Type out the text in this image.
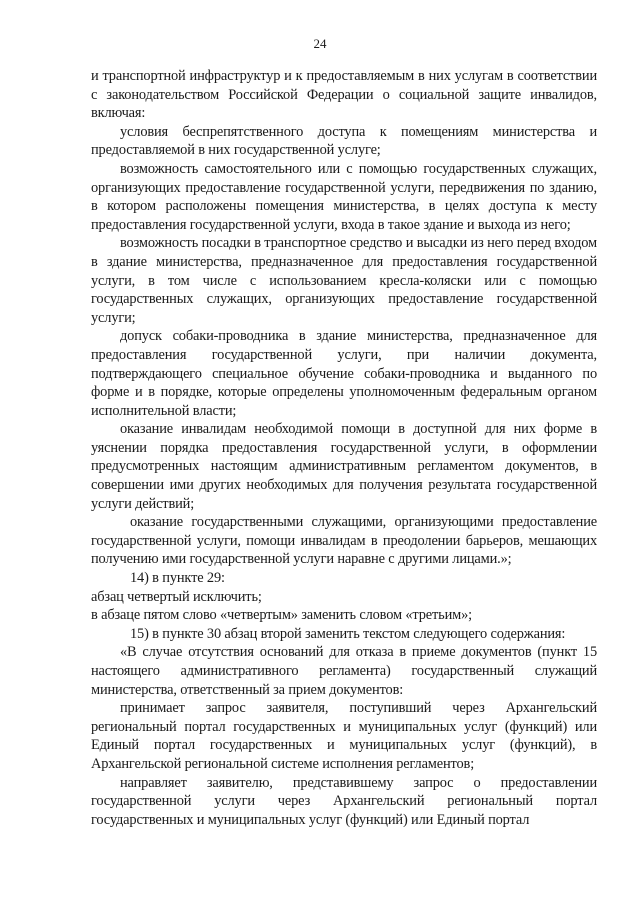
24

и транспортной инфраструктур и к предоставляемым в них услугам в соответствии с законодательством Российской Федерации о социальной защите инвалидов, включая:

условия беспрепятственного доступа к помещениям министерства и предоставляемой в них государственной услуге;

возможность самостоятельного или с помощью государственных служащих, организующих предоставление государственной услуги, передвижения по зданию, в котором расположены помещения министерства, в целях доступа к месту предоставления государственной услуги, входа в такое здание и выхода из него;

возможность посадки в транспортное средство и высадки из него перед входом в здание министерства, предназначенное для предоставления государственной услуги, в том числе с использованием кресла-коляски или с помощью государственных служащих, организующих предоставление государственной услуги;

допуск собаки-проводника в здание министерства, предназначенное для предоставления государственной услуги, при наличии документа, подтверждающего специальное обучение собаки-проводника и выданного по форме и в порядке, которые определены уполномоченным федеральным органом исполнительной власти;

оказание инвалидам необходимой помощи в доступной для них форме в уяснении порядка предоставления государственной услуги, в оформлении предусмотренных настоящим административным регламентом документов, в совершении ими других необходимых для получения результата государственной услуги действий;

оказание государственными служащими, организующими предоставление государственной услуги, помощи инвалидам в преодолении барьеров, мешающих получению ими государственной услуги наравне с другими лицами.»;

14) в пункте 29:

абзац четвертый исключить;

в абзаце пятом слово «четвертым» заменить словом «третьим»;

15) в пункте 30 абзац второй заменить текстом следующего содержания:

«В случае отсутствия оснований для отказа в приеме документов (пункт 15 настоящего административного регламента) государственный служащий министерства, ответственный за прием документов:

принимает запрос заявителя, поступивший через Архангельский региональный портал государственных и муниципальных услуг (функций) или Единый портал государственных и муниципальных услуг (функций), в Архангельской региональной системе исполнения регламентов;

направляет заявителю, представившему запрос о предоставлении государственной услуги через Архангельский региональный портал государственных и муниципальных услуг (функций) или Единый портал
